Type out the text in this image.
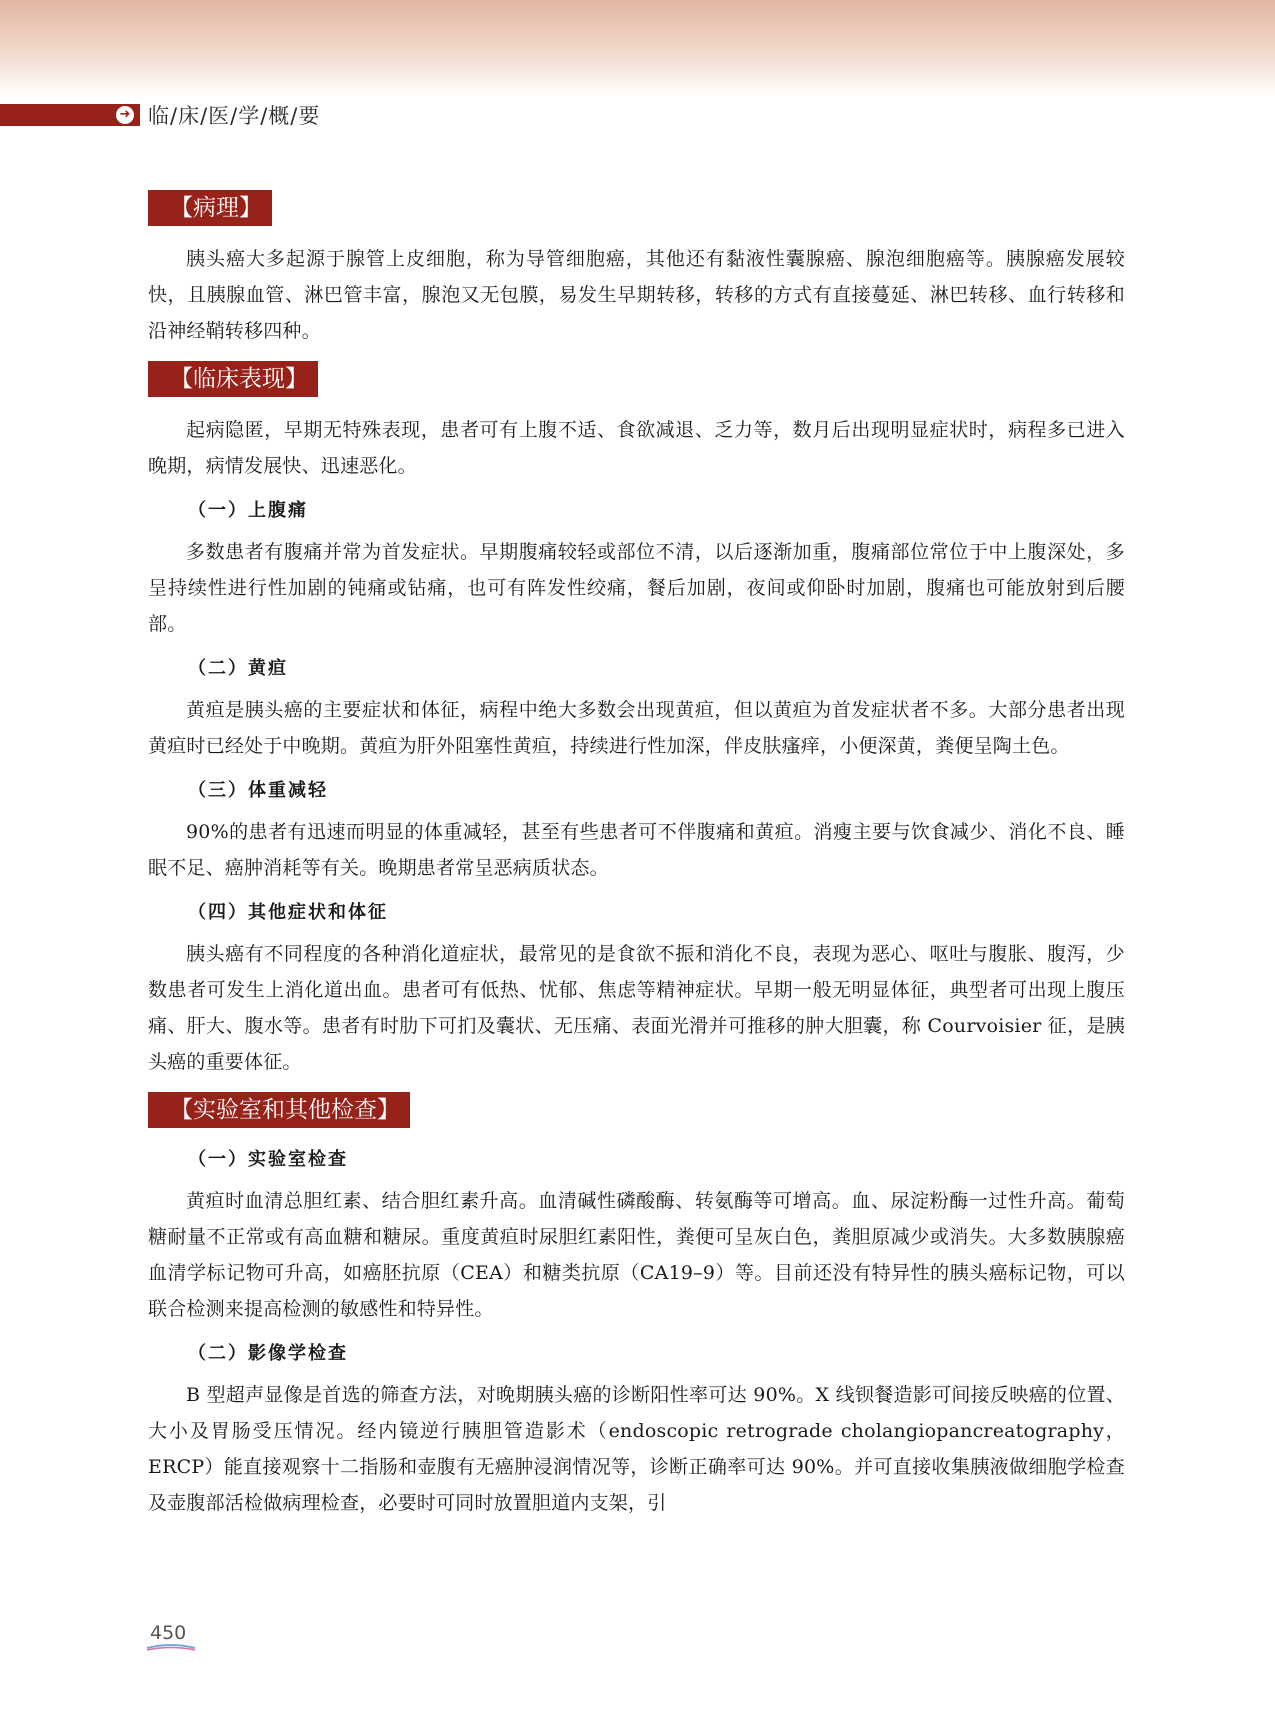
➜ 临/床/医/学/概/要
【病理】

胰头癌大多起源于腺管上皮细胞，称为导管细胞癌，其他还有黏液性囊腺癌、腺泡细胞癌等。胰腺癌发展较快，且胰腺血管、淋巴管丰富，腺泡又无包膜，易发生早期转移，转移的方式有直接蔓延、淋巴转移、血行转移和沿神经鞘转移四种。

【临床表现】

起病隐匿，早期无特殊表现，患者可有上腹不适、食欲减退、乏力等，数月后出现明显症状时，病程多已进入晚期，病情发展快、迅速恶化。

（一）上腹痛

多数患者有腹痛并常为首发症状。早期腹痛较轻或部位不清，以后逐渐加重，腹痛部位常位于中上腹深处，多呈持续性进行性加剧的钝痛或钻痛，也可有阵发性绞痛，餐后加剧，夜间或仰卧时加剧，腹痛也可能放射到后腰部。

（二）黄疸

黄疸是胰头癌的主要症状和体征，病程中绝大多数会出现黄疸，但以黄疸为首发症状者不多。大部分患者出现黄疸时已经处于中晚期。黄疸为肝外阻塞性黄疸，持续进行性加深，伴皮肤瘙痒，小便深黄，粪便呈陶土色。

（三）体重减轻

90%的患者有迅速而明显的体重减轻，甚至有些患者可不伴腹痛和黄疸。消瘦主要与饮食减少、消化不良、睡眠不足、癌肿消耗等有关。晚期患者常呈恶病质状态。

（四）其他症状和体征

胰头癌有不同程度的各种消化道症状，最常见的是食欲不振和消化不良，表现为恶心、呕吐与腹胀、腹泻，少数患者可发生上消化道出血。患者可有低热、忧郁、焦虑等精神症状。早期一般无明显体征，典型者可出现上腹压痛、肝大、腹水等。患者有时肋下可扪及囊状、无压痛、表面光滑并可推移的肿大胆囊，称 Courvoisier 征，是胰头癌的重要体征。

【实验室和其他检查】
（一）实验室检查

黄疸时血清总胆红素、结合胆红素升高。血清碱性磷酸酶、转氨酶等可增高。血、尿淀粉酶一过性升高。葡萄糖耐量不正常或有高血糖和糖尿。重度黄疸时尿胆红素阳性，粪便可呈灰白色，粪胆原减少或消失。大多数胰腺癌血清学标记物可升高，如癌胚抗原（CEA）和糖类抗原（CA19–9）等。目前还没有特异性的胰头癌标记物，可以联合检测来提高检测的敏感性和特异性。

（二）影像学检查

B 型超声显像是首选的筛查方法，对晚期胰头癌的诊断阳性率可达 90%。X 线钡餐造影可间接反映癌的位置、大小及胃肠受压情况。经内镜逆行胰胆管造影术（endoscopic retrograde cholangiopancreatography，ERCP）能直接观察十二指肠和壶腹有无癌肿浸润情况等，诊断正确率可达 90%。并可直接收集胰液做细胞学检查及壶腹部活检做病理检查，必要时可同时放置胆道内支架，引

450
